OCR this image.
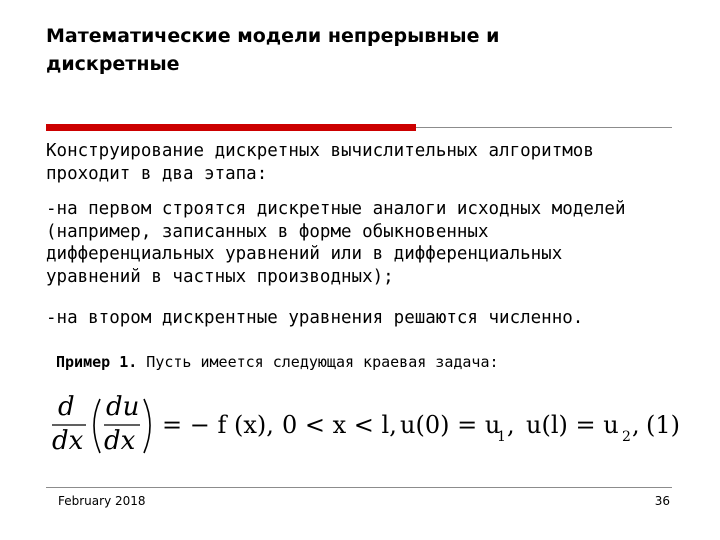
Математические модели непрерывные и дискретные

Конструирование дискретных вычислительных алгоритмов
проходит в два этапа:

-на первом строятся дискретные аналоги исходных моделей
(например, записанных в форме обыкновенных
дифференциальных уравнений или в дифференциальных
уравнений в частных производных);

-на втором дискрентные уравнения решаются численно.

Пример 1. Пусть имеется следующая краевая задача:

d
dx
du
dx
= − f (x), 0 < x < l, u(0) = u
1 , u(l) = u 2 , (1)
February 2018	36
